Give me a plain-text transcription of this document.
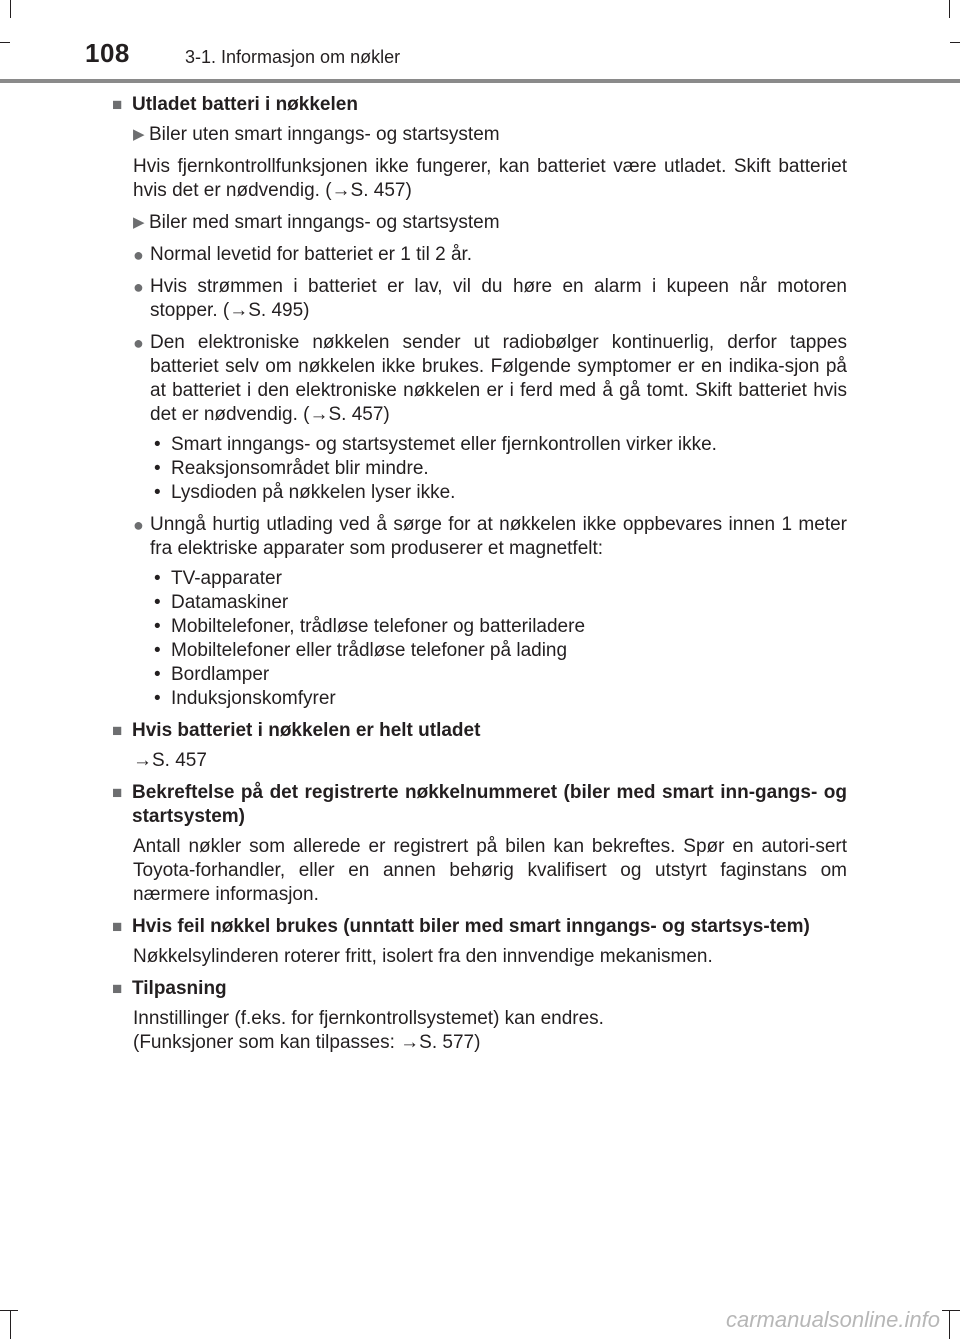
108	3-1. Informasjon om nøkler
■ Utladet batteri i nøkkelen
▶ Biler uten smart inngangs- og startsystem
Hvis fjernkontrollfunksjonen ikke fungerer, kan batteriet være utladet. Skift batteriet hvis det er nødvendig. (→S. 457)
▶ Biler med smart inngangs- og startsystem
● Normal levetid for batteriet er 1 til 2 år.
● Hvis strømmen i batteriet er lav, vil du høre en alarm i kupeen når motoren stopper. (→S. 495)
● Den elektroniske nøkkelen sender ut radiobølger kontinuerlig, derfor tappes batteriet selv om nøkkelen ikke brukes. Følgende symptomer er en indika-sjon på at batteriet i den elektroniske nøkkelen er i ferd med å gå tomt. Skift batteriet hvis det er nødvendig. (→S. 457)
• Smart inngangs- og startsystemet eller fjernkontrollen virker ikke.
• Reaksjonsområdet blir mindre.
• Lysdioden på nøkkelen lyser ikke.
● Unngå hurtig utlading ved å sørge for at nøkkelen ikke oppbevares innen 1 meter fra elektriske apparater som produserer et magnetfelt:
• TV-apparater
• Datamaskiner
• Mobiltelefoner, trådløse telefoner og batteriladere
• Mobiltelefoner eller trådløse telefoner på lading
• Bordlamper
• Induksjonskomfyrer
■ Hvis batteriet i nøkkelen er helt utladet
→S. 457
■ Bekreftelse på det registrerte nøkkelnummeret (biler med smart inn-gangs- og startsystem)
Antall nøkler som allerede er registrert på bilen kan bekreftes. Spør en autori-sert Toyota-forhandler, eller en annen behørig kvalifisert og utstyrt faginstans om nærmere informasjon.
■ Hvis feil nøkkel brukes (unntatt biler med smart inngangs- og startsys-tem)
Nøkkelsylinderen roterer fritt, isolert fra den innvendige mekanismen.
■ Tilpasning
Innstillinger (f.eks. for fjernkontrollsystemet) kan endres.
(Funksjoner som kan tilpasses: →S. 577)
carmanualsonline.info
